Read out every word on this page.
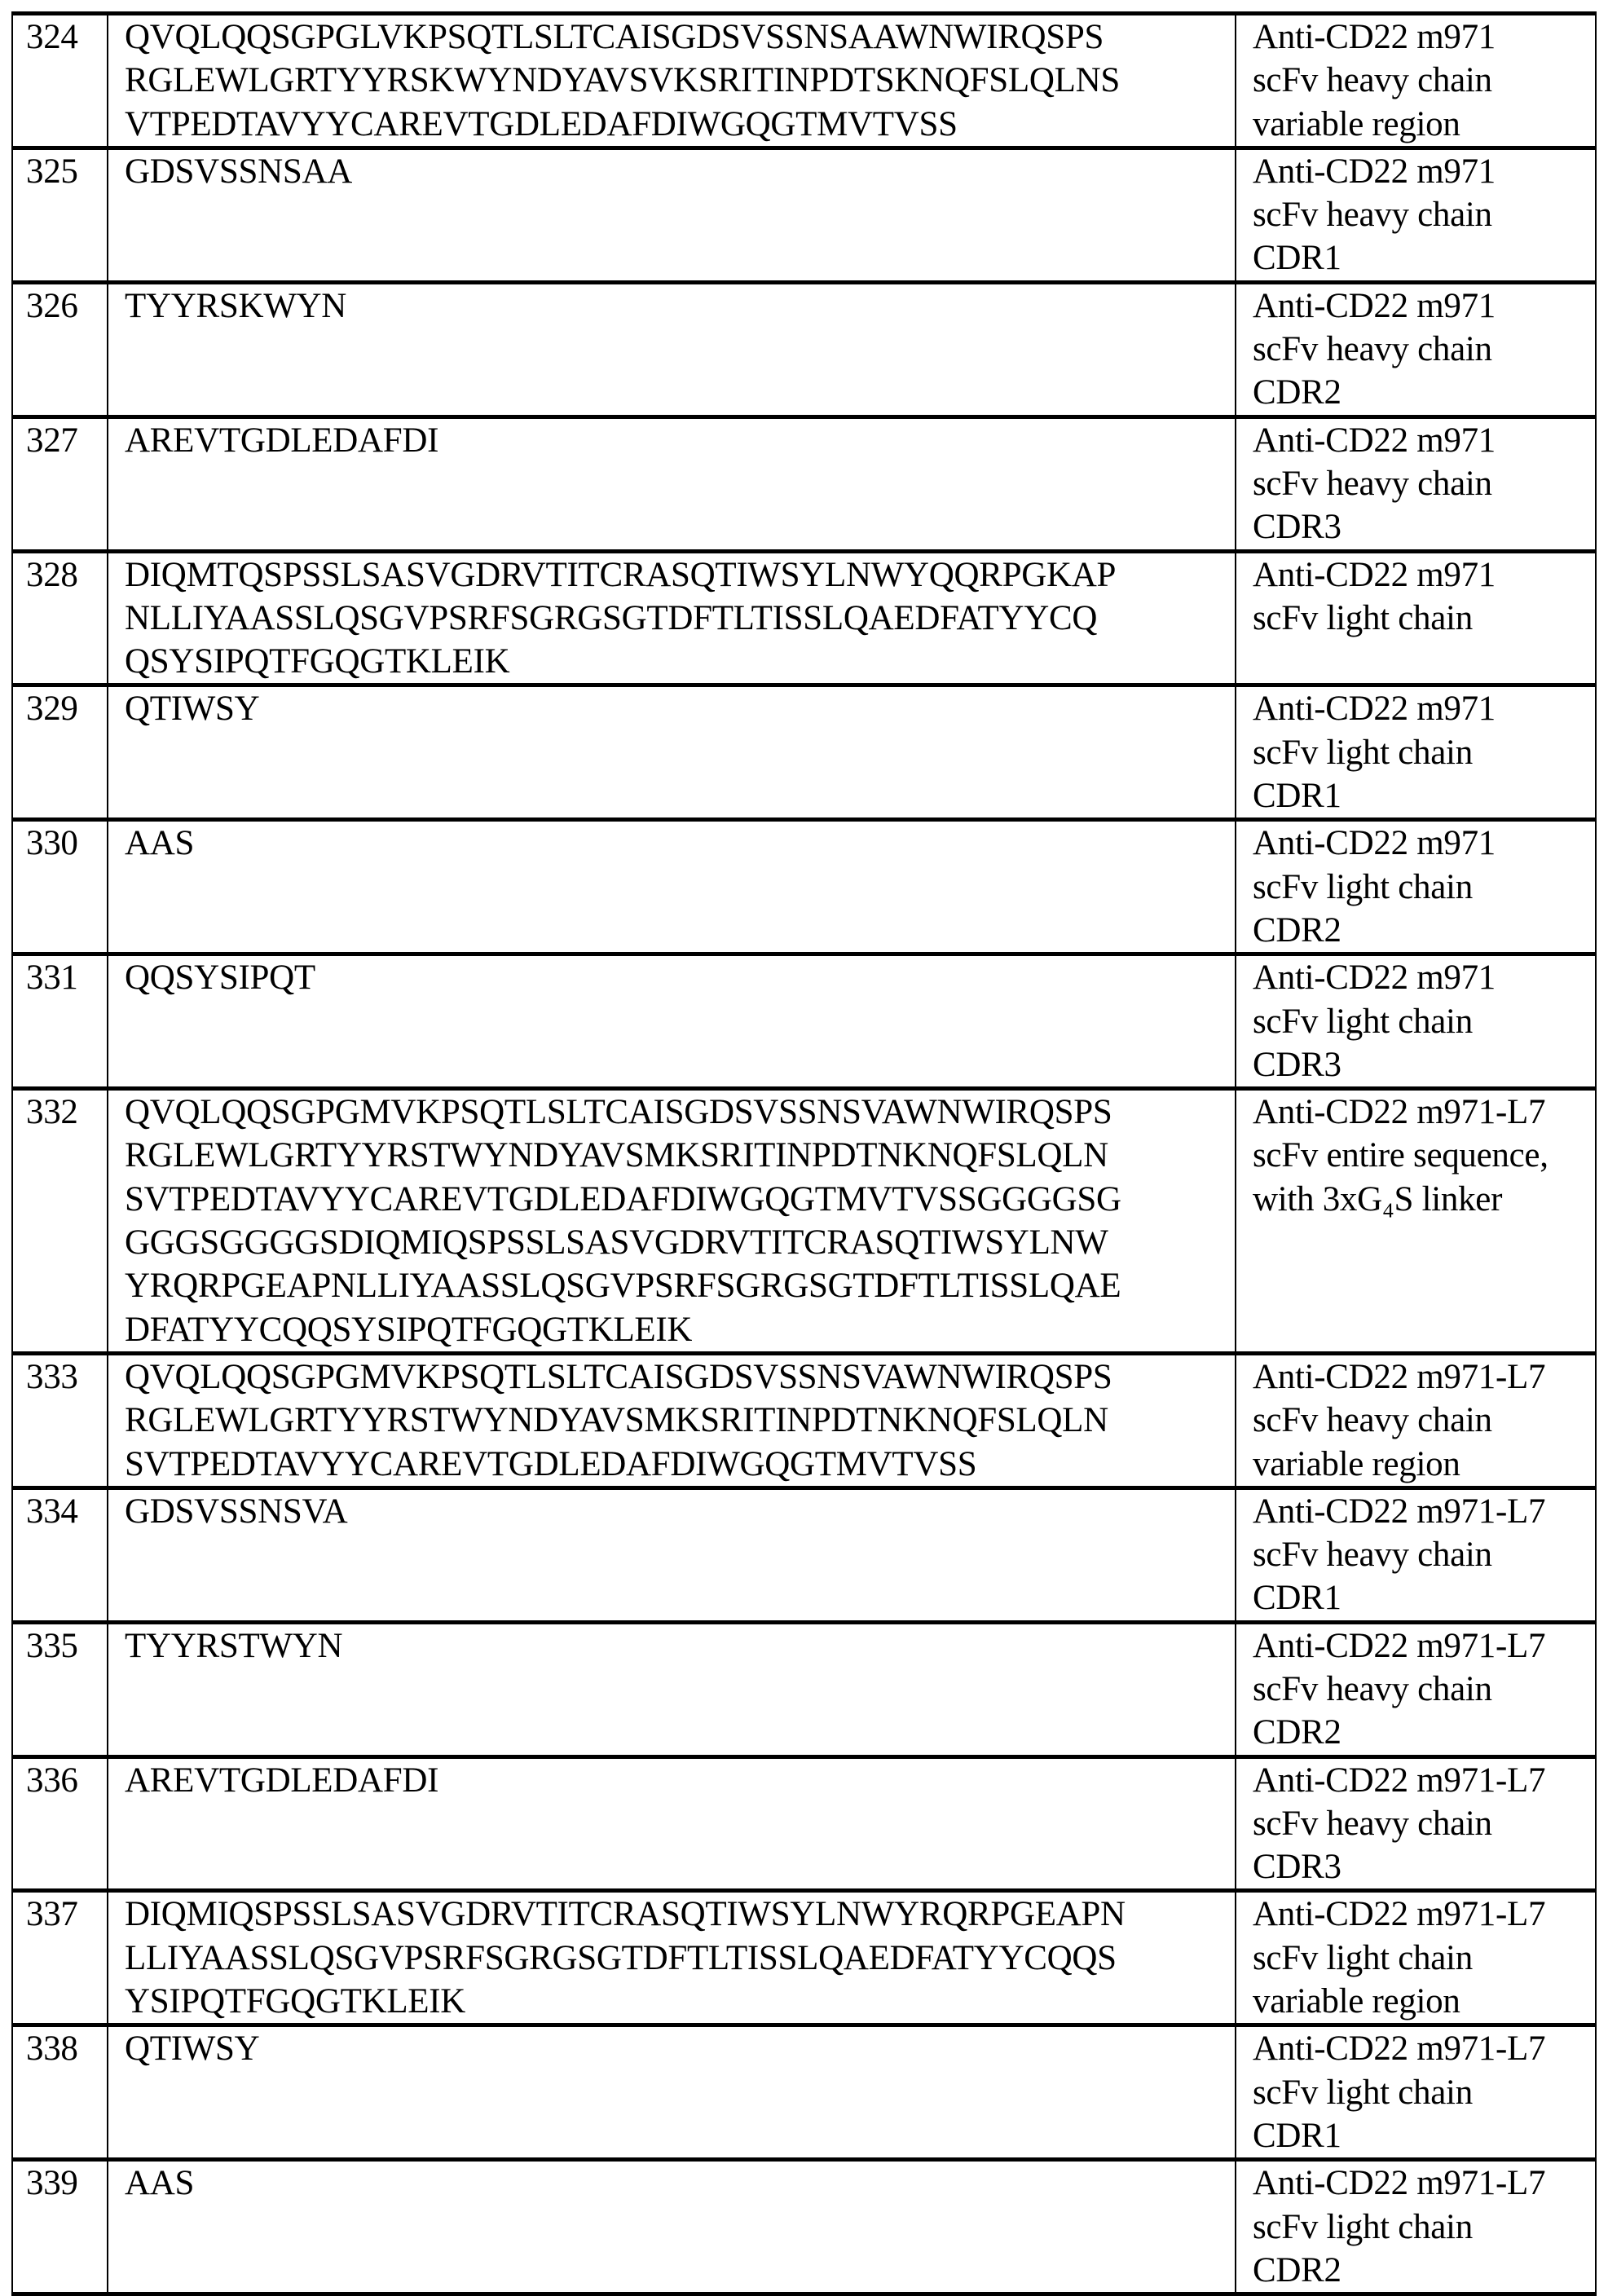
324	QVQLQQSGPGLVKPSQTLSLTCAISGDSVSSNSAAWNWIRQSPS
RGLEWLGRTYYRSKWYNDYAVSVKSRITINPDTSKNQFSLQLNS
VTPEDTAVYYCAREVTGDLEDAFDIWGQGTMVTVSS	Anti-CD22 m971
scFv heavy chain
variable region
325	GDSVSSNSAA	Anti-CD22 m971
scFv heavy chain
CDR1
326	TYYRSKWYN	Anti-CD22 m971
scFv heavy chain
CDR2
327	AREVTGDLEDAFDI	Anti-CD22 m971
scFv heavy chain
CDR3
328	DIQMTQSPSSLSASVGDRVTITCRASQTIWSYLNWYQQRPGKAP
NLLIYAASSLQSGVPSRFSGRGSGTDFTLTISSLQAEDFATYYCQ
QSYSIPQTFGQGTKLEIK	Anti-CD22 m971
scFv light chain
329	QTIWSY	Anti-CD22 m971
scFv light chain
CDR1
330	AAS	Anti-CD22 m971
scFv light chain
CDR2
331	QQSYSIPQT	Anti-CD22 m971
scFv light chain
CDR3
332	QVQLQQSGPGMVKPSQTLSLTCAISGDSVSSNSVAWNWIRQSPS
RGLEWLGRTYYRSTWYNDYAVSMKSRITINPDTNKNQFSLQLN
SVTPEDTAVYYCAREVTGDLEDAFDIWGQGTMVTVSSGGGGSG
GGGSGGGGSDIQMIQSPSSLSASVGDRVTITCRASQTIWSYLNW
YRQRPGEAPNLLIYAASSLQSGVPSRFSGRGSGTDFTLTISSLQAE
DFATYYCQQSYSIPQTFGQGTKLEIK	Anti-CD22 m971-L7
scFv entire sequence,
with 3xG₄S linker
333	QVQLQQSGPGMVKPSQTLSLTCAISGDSVSSNSVAWNWIRQSPS
RGLEWLGRTYYRSTWYNDYAVSMKSRITINPDTNKNQFSLQLN
SVTPEDTAVYYCAREVTGDLEDAFDIWGQGTMVTVSS	Anti-CD22 m971-L7
scFv heavy chain
variable region
334	GDSVSSNSVA	Anti-CD22 m971-L7
scFv heavy chain
CDR1
335	TYYRSTWYN	Anti-CD22 m971-L7
scFv heavy chain
CDR2
336	AREVTGDLEDAFDI	Anti-CD22 m971-L7
scFv heavy chain
CDR3
337	DIQMIQSPSSLSASVGDRVTITCRASQTIWSYLNWYRQRPGEAPN
LLIYAASSLQSGVPSRFSGRGSGTDFTLTISSLQAEDFATYYCQQS
YSIPQTFGQGTKLEIK	Anti-CD22 m971-L7
scFv light chain
variable region
338	QTIWSY	Anti-CD22 m971-L7
scFv light chain
CDR1
339	AAS	Anti-CD22 m971-L7
scFv light chain
CDR2
